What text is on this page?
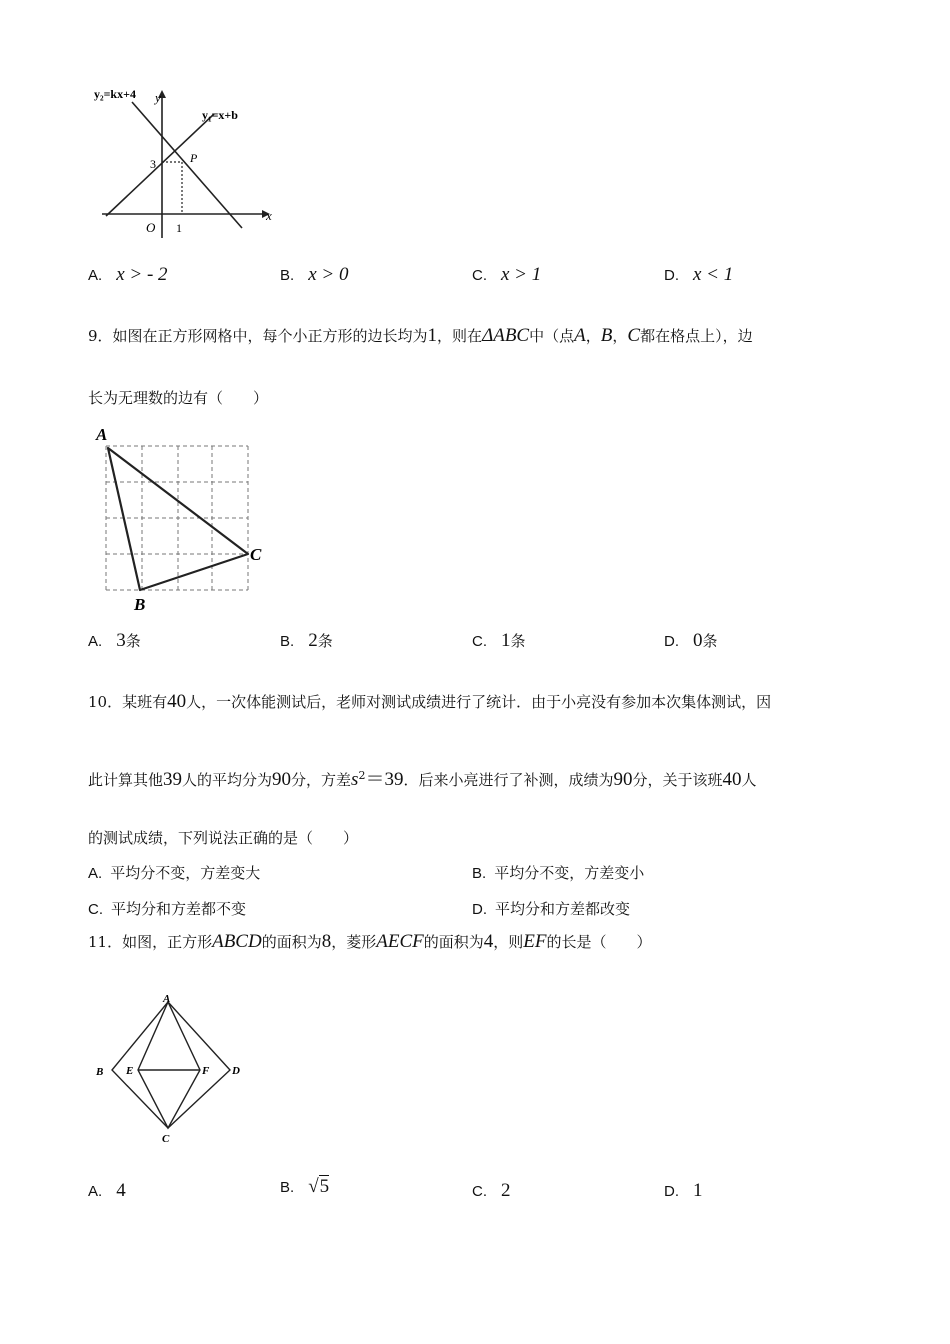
y₂=kx+4 y
y₁=x+b
x
O 1
3	P
A. x > - 2	B. x > 0	C. x > 1	D. x < 1
9．如图在正方形网格中，每个小正方形的边长均为1，则在ΔABC中（点A，B，C都在格点上），边
长为无理数的边有（　　）
A
B
C
A. 3条	B. 2条	C. 1条	D. 0条
10．某班有40人，一次体能测试后，老师对测试成绩进行了统计．由于小亮没有参加本次集体测试，因
此计算其他39人的平均分为90分，方差$s^2=39$．后来小亮进行了补测，成绩为90分，关于该班40人
的测试成绩，下列说法正确的是（　　）
A. 平均分不变，方差变大	B. 平均分不变，方差变小
C. 平均分和方差都不变	D. 平均分和方差都改变
11．如图，正方形ABCD的面积为8，菱形AECF的面积为4，则EF的长是（　　）
A
B E	F D
C
A. 4	B. √5	C. 2	D. 1
